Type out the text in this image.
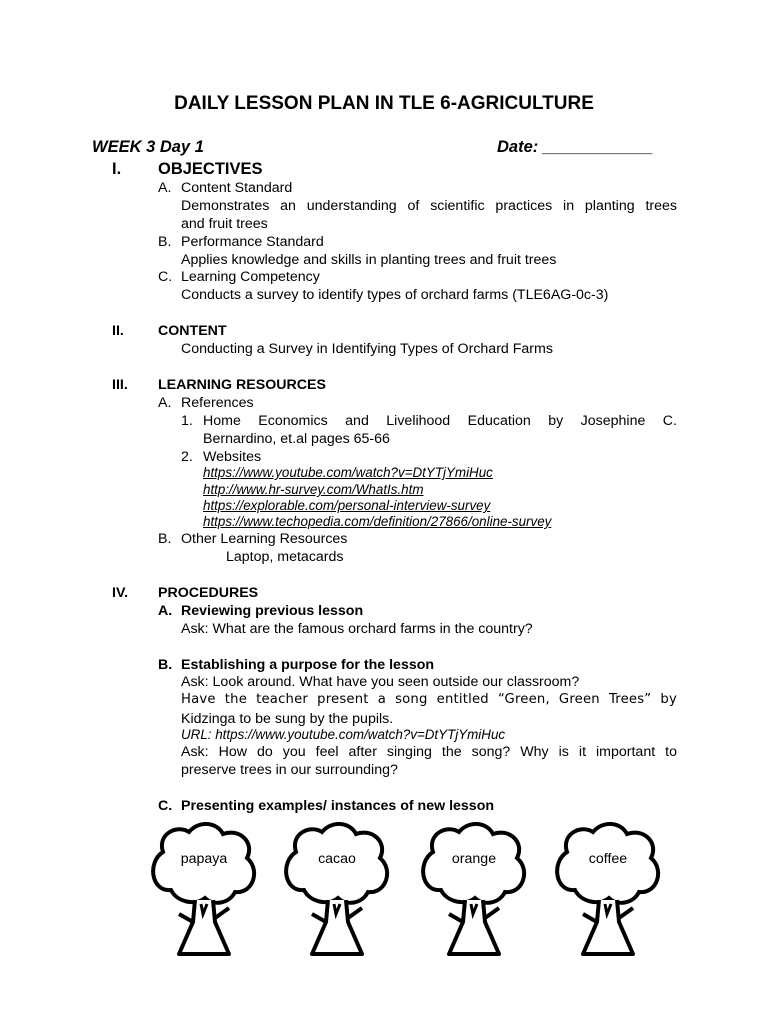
DAILY LESSON PLAN IN TLE 6-AGRICULTURE
WEEK 3 Day 1	Date: ____________
I. OBJECTIVES
A. Content Standard
Demonstrates an understanding of scientific practices in planting trees
and fruit trees
B. Performance Standard
Applies knowledge and skills in planting trees and fruit trees
C. Learning Competency
Conducts a survey to identify types of orchard farms (TLE6AG-0c-3)
II. CONTENT
Conducting a Survey in Identifying Types of Orchard Farms
III. LEARNING RESOURCES
A. References
1. Home Economics and Livelihood Education by Josephine C.
Bernardino, et.al pages 65-66
2. Websites
https://www.youtube.com/watch?v=DtYTjYmiHuc
http://www.hr-survey.com/WhatIs.htm
https://explorable.com/personal-interview-survey
https://www.techopedia.com/definition/27866/online-survey
B. Other Learning Resources
Laptop, metacards
IV. PROCEDURES
A. Reviewing previous lesson
Ask: What are the famous orchard farms in the country?
B. Establishing a purpose for the lesson
Ask: Look around. What have you seen outside our classroom?
Have the teacher present a song entitled “Green, Green Trees” by
Kidzinga to be sung by the pupils.
URL: https://www.youtube.com/watch?v=DtYTjYmiHuc
Ask: How do you feel after singing the song? Why is it important to
preserve trees in our surrounding?
C. Presenting examples/ instances of new lesson
papaya	cacao	orange	coffee
